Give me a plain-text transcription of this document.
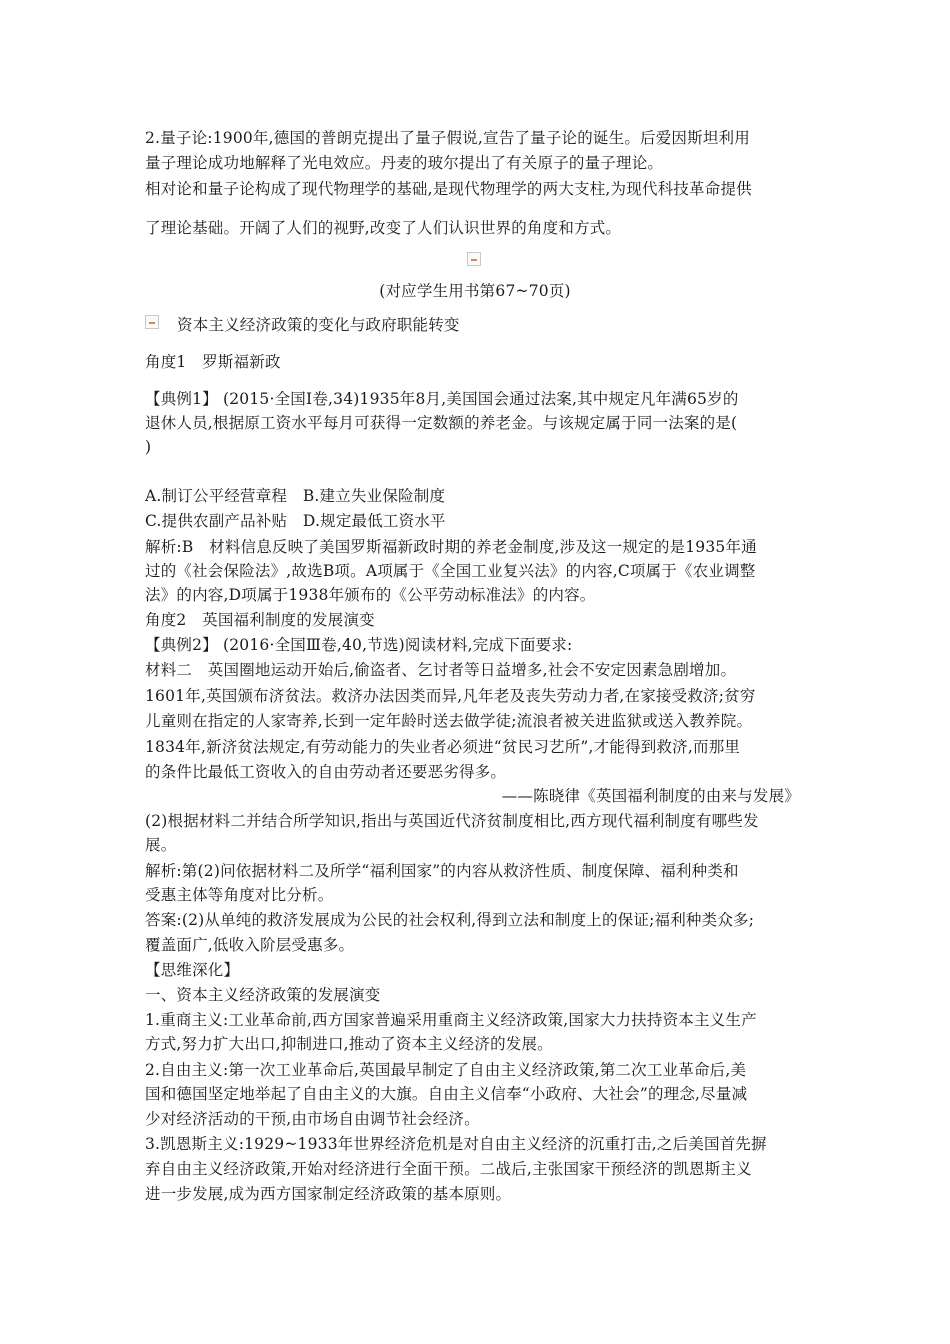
2.量子论:1900年,德国的普朗克提出了量子假说,宣告了量子论的诞生。后爱因斯坦利用
量子理论成功地解释了光电效应。丹麦的玻尔提出了有关原子的量子理论。
相对论和量子论构成了现代物理学的基础,是现代物理学的两大支柱,为现代科技革命提供
了理论基础。开阔了人们的视野,改变了人们认识世界的角度和方式。
(对应学生用书第67~70页)
资本主义经济政策的变化与政府职能转变
角度1　罗斯福新政
【典例1】 (2015·全国Ⅰ卷,34)1935年8月,美国国会通过法案,其中规定凡年满65岁的
退休人员,根据原工资水平每月可获得一定数额的养老金。与该规定属于同一法案的是(
)
A.制订公平经营章程　B.建立失业保险制度
C.提供农副产品补贴　D.规定最低工资水平
解析:B　材料信息反映了美国罗斯福新政时期的养老金制度,涉及这一规定的是1935年通
过的《社会保险法》,故选B项。A项属于《全国工业复兴法》的内容,C项属于《农业调整
法》的内容,D项属于1938年颁布的《公平劳动标准法》的内容。
角度2　英国福利制度的发展演变
【典例2】 (2016·全国Ⅲ卷,40,节选)阅读材料,完成下面要求:
材料二　英国圈地运动开始后,偷盗者、乞讨者等日益增多,社会不安定因素急剧增加。
1601年,英国颁布济贫法。救济办法因类而异,凡年老及丧失劳动力者,在家接受救济;贫穷
儿童则在指定的人家寄养,长到一定年龄时送去做学徒;流浪者被关进监狱或送入教养院。
1834年,新济贫法规定,有劳动能力的失业者必须进“贫民习艺所”,才能得到救济,而那里
的条件比最低工资收入的自由劳动者还要恶劣得多。
——陈晓律《英国福利制度的由来与发展》
(2)根据材料二并结合所学知识,指出与英国近代济贫制度相比,西方现代福利制度有哪些发
展。
解析:第(2)问依据材料二及所学“福利国家”的内容从救济性质、制度保障、福利种类和
受惠主体等角度对比分析。
答案:(2)从单纯的救济发展成为公民的社会权利,得到立法和制度上的保证;福利种类众多;
覆盖面广,低收入阶层受惠多。
【思维深化】
一、资本主义经济政策的发展演变
1.重商主义:工业革命前,西方国家普遍采用重商主义经济政策,国家大力扶持资本主义生产
方式,努力扩大出口,抑制进口,推动了资本主义经济的发展。
2.自由主义:第一次工业革命后,英国最早制定了自由主义经济政策,第二次工业革命后,美
国和德国坚定地举起了自由主义的大旗。自由主义信奉“小政府、大社会”的理念,尽量减
少对经济活动的干预,由市场自由调节社会经济。
3.凯恩斯主义:1929~1933年世界经济危机是对自由主义经济的沉重打击,之后美国首先摒
弃自由主义经济政策,开始对经济进行全面干预。二战后,主张国家干预经济的凯恩斯主义
进一步发展,成为西方国家制定经济政策的基本原则。
